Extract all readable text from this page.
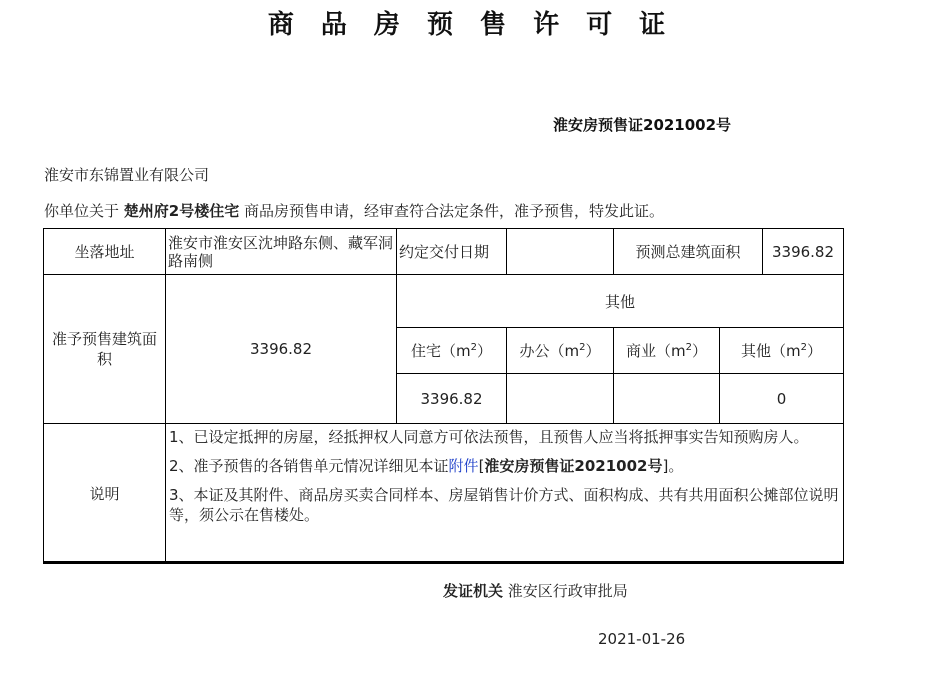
商 品 房 预 售 许 可 证
淮安房预售证2021002号
淮安市东锦置业有限公司
你单位关于 楚州府2号楼住宅 商品房预售申请，经审查符合法定条件，准予预售，特发此证。
坐落地址	淮安市淮安区沈坤路东侧、藏军洞路南侧	约定交付日期		预测总建筑面积 3396.82	

准予预售建筑面积	3396.82	其他			
		住宅$(m^2)$	办公$(m^2)$	商业$(m^2)$	其他$(m^2)$
		3396.82			0
说明	1、已设定抵押的房屋，经抵押权人同意方可依法预售，且预售人应当将抵押事实告知预购房人。

2、准予预售的各销售单元情况详细见本证附件[淮安房预售证2021002号]。

3、本证及其附件、商品房买卖合同样本、房屋销售计价方式、面积构成、共有共用面积公摊部位说明等，须公示在售楼处。				

发证机关 淮安区行政审批局
2021-01-26
